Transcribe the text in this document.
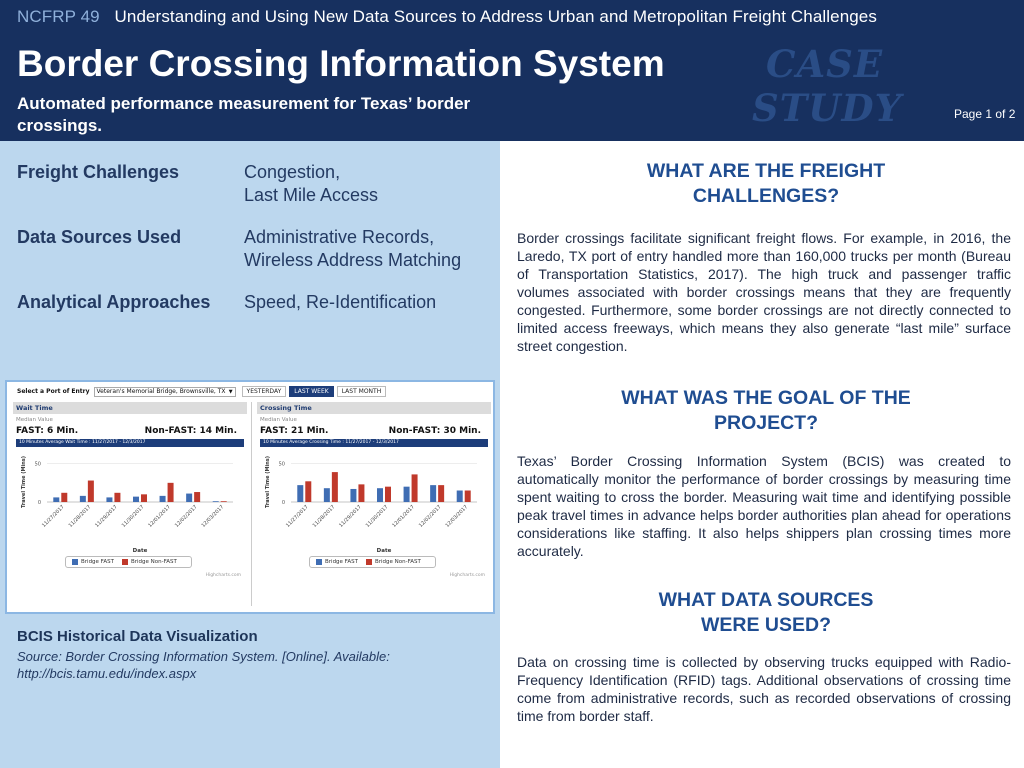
NCFRP 49 Understanding and Using New Data Sources to Address Urban and Metropolitan Freight Challenges
Border Crossing Information System
Automated performance measurement for Texas’ border crossings.
CASE
STUDY	Page 1 of 2
Freight Challenges	Congestion,
Last Mile Access
Data Sources Used	Administrative Records,
Wireless Address Matching
Analytical Approaches	Speed, Re-Identification
Select a Port of Entry	Veteran's Memorial Bridge, Brownsville, TX ▼	YESTERDAY	LAST WEEK	LAST MONTH
Wait Time
Median Value
FAST: 6 Min.	Non-FAST: 14 Min.
10 Minutes Average Wait Time : 11/27/2017 - 12/3/2017
Travel Time (Mins) 0
50
11/27/2017 11/28/2017 11/29/2017 11/30/2017 12/01/2017 12/02/2017 12/03/2017
Date
Bridge FAST	Bridge Non-FAST
Highcharts.com
Crossing Time
Median Value
FAST: 21 Min.	Non-FAST: 30 Min.
10 Minutes Average Crossing Time : 11/27/2017 - 12/3/2017
Travel Time (Mins) 0
50
11/27/2017 11/28/2017 11/29/2017 11/30/2017 12/01/2017 12/02/2017 12/03/2017
Date
Bridge FAST	Bridge Non-FAST
Highcharts.com
BCIS Historical Data Visualization
Source: Border Crossing Information System. [Online]. Available: http://bcis.tamu.edu/index.aspx
WHAT ARE THE FREIGHT CHALLENGES?
Border crossings facilitate significant freight flows. For example, in 2016, the Laredo, TX port of entry handled more than 160,000 trucks per month (Bureau of Transportation Statistics, 2017). The high truck and passenger traffic volumes associated with border crossings means that they are frequently congested. Furthermore, some border crossings are not directly connected to limited access freeways, which means they also generate “last mile” surface street congestion.
WHAT WAS THE GOAL OF THE PROJECT?
Texas’ Border Crossing Information System (BCIS) was created to automatically monitor the performance of border crossings by measuring time spent waiting to cross the border. Measuring wait time and identifying possible peak travel times in advance helps border authorities plan ahead for operations considerations like staffing. It also helps shippers plan crossing times more accurately.
WHAT DATA SOURCES WERE USED?
Data on crossing time is collected by observing trucks equipped with Radio-Frequency Identification (RFID) tags. Additional observations of crossing time come from administrative records, such as recorded observations of crossing time from border staff.
